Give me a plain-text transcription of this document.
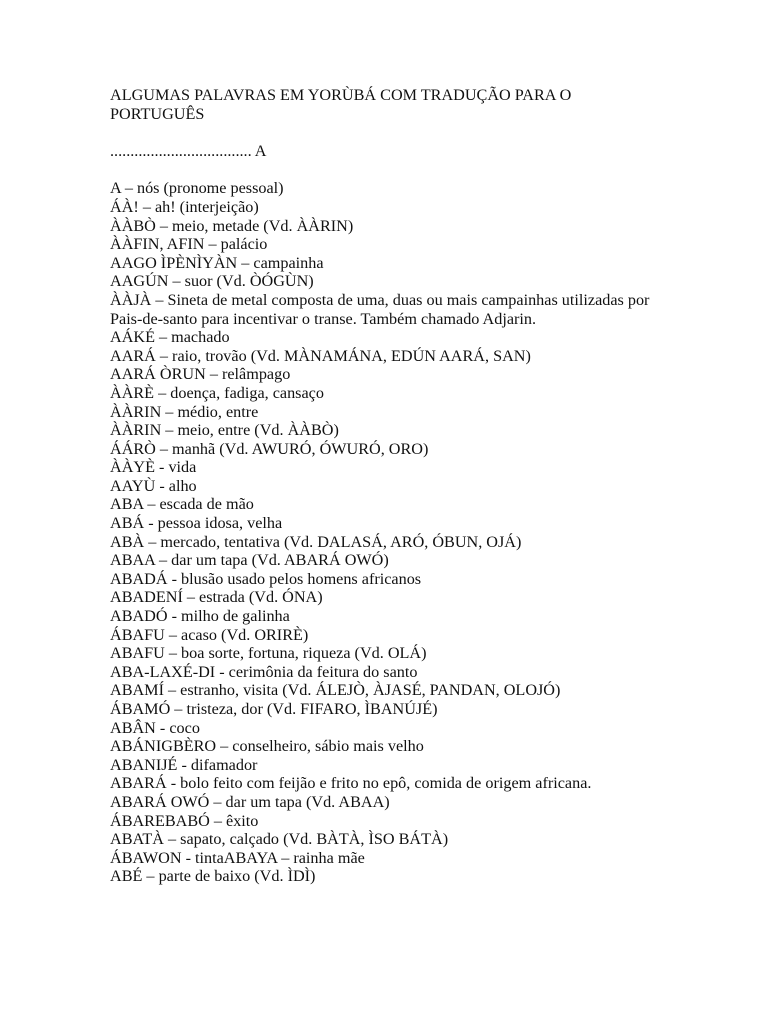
ALGUMAS PALAVRAS EM YORÙBÁ COM TRADUÇÃO PARA O PORTUGUÊS

................................... A

A – nós (pronome pessoal)

ÁÀ! – ah! (interjeição)

ÀÀBÒ – meio, metade (Vd. ÀÀRIN)

ÀÀFIN, AFIN – palácio

AAGO ÌPÈNÌYÀN – campainha

AAGÚN – suor (Vd. ÒÓGÙN)

ÀÀJÀ – Sineta de metal composta de uma, duas ou mais campainhas utilizadas por Pais-de-santo para incentivar o transe. Também chamado Adjarin.

AÁKÉ – machado

AARÁ – raio, trovão (Vd. MÀNAMÁNA, EDÚN AARÁ, SAN)

AARÁ ÒRUN – relâmpago

ÀÀRÈ – doença, fadiga, cansaço

ÀÀRIN – médio, entre

ÀÀRIN – meio, entre (Vd. ÀÀBÒ)

ÁÁRÒ – manhã (Vd. AWURÓ, ÓWURÓ, ORO)

ÀÀYÈ - vida

AAYÙ - alho

ABA – escada de mão

ABÁ - pessoa idosa, velha

ABÀ – mercado, tentativa (Vd. DALASÁ, ARÓ, ÓBUN, OJÁ)

ABAA – dar um tapa (Vd. ABARÁ OWÓ)

ABADÁ - blusão usado pelos homens africanos

ABADENÍ – estrada (Vd. ÓNA)

ABADÓ - milho de galinha

ÁBAFU – acaso (Vd. ORIRÈ)

ABAFU – boa sorte, fortuna, riqueza (Vd. OLÁ)

ABA-LAXÉ-DI - cerimônia da feitura do santo

ABAMÍ – estranho, visita (Vd. ÁLEJÒ, ÀJASÉ, PANDAN, OLOJÓ)

ÁBAMÓ – tristeza, dor (Vd. FIFARO, ÌBANÚJÉ)

ABÂN - coco

ABÁNIGBÈRO – conselheiro, sábio mais velho

ABANIJÉ - difamador

ABARÁ - bolo feito com feijão e frito no epô, comida de origem africana.

ABARÁ OWÓ – dar um tapa (Vd. ABAA)

ÁBAREBABÓ – êxito

ABATÀ – sapato, calçado (Vd. BÀTÀ, ÌSO BÁTÀ)

ÁBAWON - tintaABAYA – rainha mãe

ABÉ – parte de baixo (Vd. ÌDÌ)
